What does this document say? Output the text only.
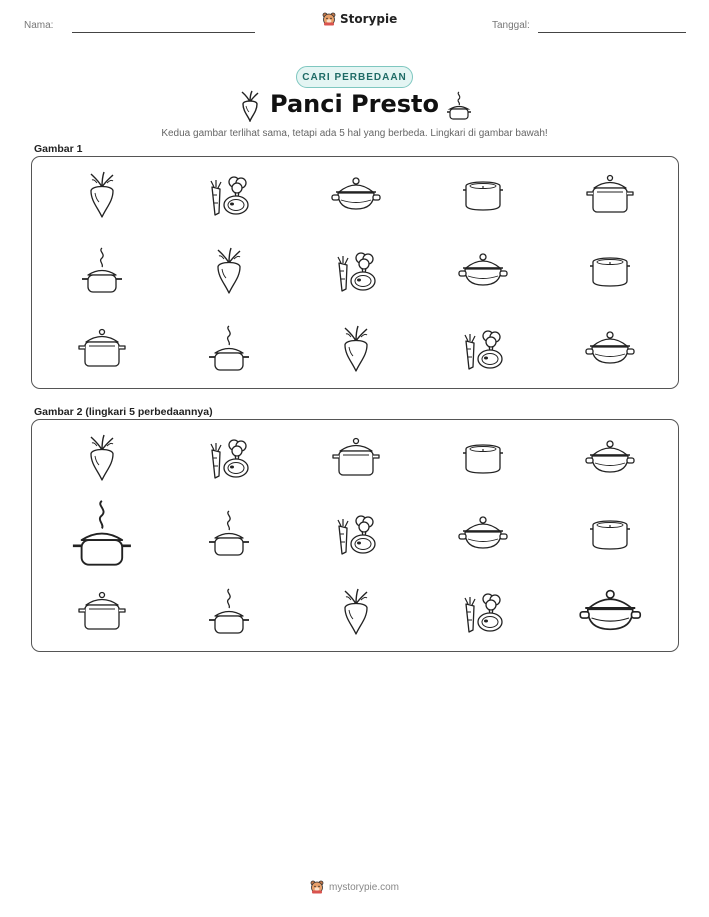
Nama:	Storypie	Tanggal:
CARI PERBEDAAN
Panci Presto
Kedua gambar terlihat sama, tetapi ada 5 hal yang berbeda. Lingkari di gambar bawah!
Gambar 1
Gambar 2 (lingkari 5 perbedaannya)
mystorypie.com
